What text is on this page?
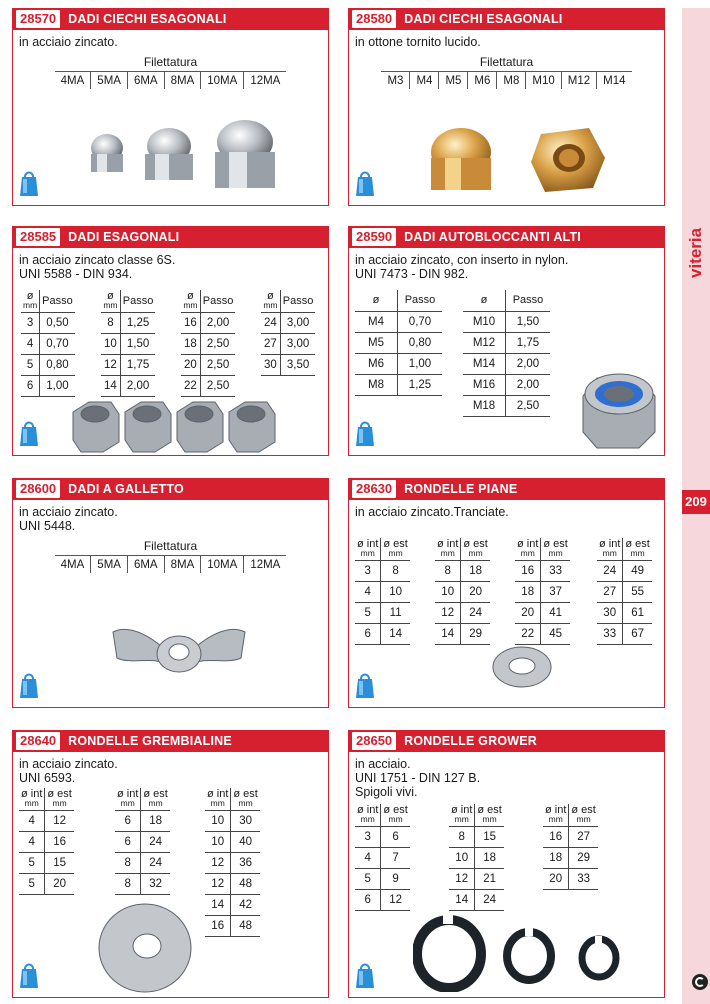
viteria
209
28570 DADI CIECHI ESAGONALI
in acciaio zincato.
Filettatura
4MA	5MA	6MA	8MA	10MA	12MA
28580 DADI CIECHI ESAGONALI
in ottone tornito lucido.
Filettatura
M3	M4	M5	M6	M8	M10	M12	M14
28585 DADI ESAGONALI
in acciaio zincato classe 6S.
UNI 5588 - DIN 934.
ø
mm	Passo
3	0,50
4	0,70
5	0,80
6	1,00
ø
mm	Passo
8	1,25
10	1,50
12	1,75
14	2,00
ø
mm	Passo
16	2,00
18	2,50
20	2,50
22	2,50
ø
mm	Passo
24	3,00
27	3,00
30	3,50
28590 DADI AUTOBLOCCANTI ALTI
in acciaio zincato, con inserto in nylon.
UNI 7473 - DIN 982.
ø	Passo
M4	0,70
M5	0,80
M6	1,00
M8	1,25
ø	Passo
M10	1,50
M12	1,75
M14	2,00
M16	2,00
M18	2,50
28600 DADI A GALLETTO
in acciaio zincato.
UNI 5448.
Filettatura
4MA	5MA	6MA	8MA	10MA	12MA
28630 RONDELLE PIANE
in acciaio zincato.Tranciate.
ø int
mm	ø est
mm

3	8
4	10
5	11
6	14
ø int
mm	ø est
mm

8	18
10	20
12	24
14	29
ø int
mm	ø est
mm

16	33
18	37
20	41
22	45
ø int
mm	ø est
mm

24	49
27	55
30	61
33	67
28640 RONDELLE GREMBIALINE
in acciaio zincato.
UNI 6593.
ø int
mm	ø est
mm

4	12
4	16
5	15
5	20
ø int
mm	ø est
mm

6	18
6	24
8	24
8	32
ø int
mm	ø est
mm

10	30
10	40
12	36
12	48
14	42
16	48
28650 RONDELLE GROWER
in acciaio.
UNI 1751 - DIN 127 B.
Spigoli vivi.
ø int
mm	ø est
mm

3	6
4	7
5	9
6	12
ø int
mm	ø est
mm

8	15
10	18
12	21
14	24
ø int
mm	ø est
mm

16	27
18	29
20	33
